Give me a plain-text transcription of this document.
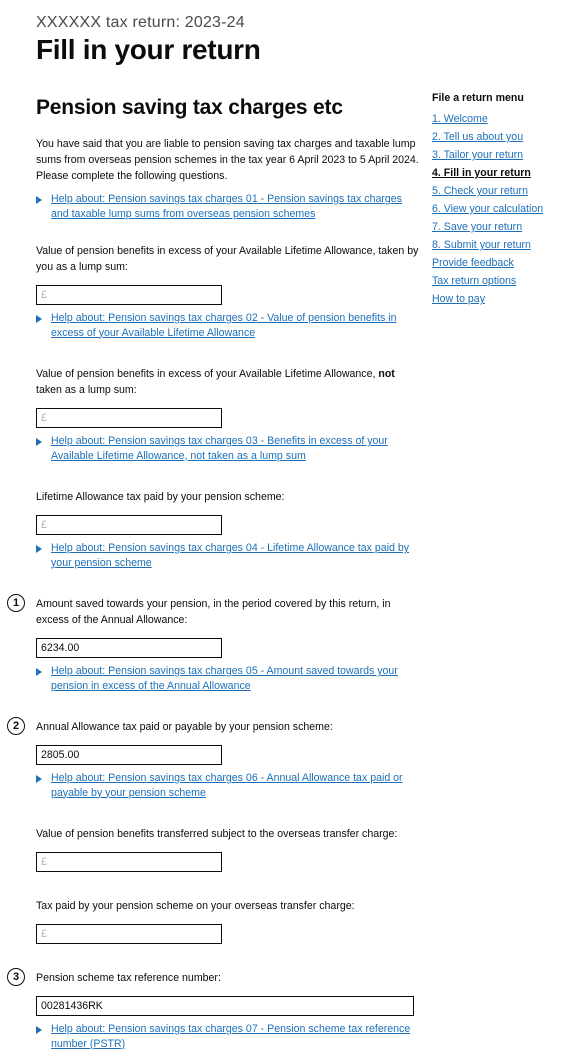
XXXXXX tax return: 2023-24
Fill in your return
Pension saving tax charges etc
You have said that you are liable to pension saving tax charges and taxable lump sums from overseas pension schemes in the tax year 6 April 2023 to 5 April 2024. Please complete the following questions.
Help about: Pension savings tax charges 01 - Pension savings tax charges and taxable lump sums from overseas pension schemes
Value of pension benefits in excess of your Available Lifetime Allowance, taken by you as a lump sum:
£
Help about: Pension savings tax charges 02 - Value of pension benefits in excess of your Available Lifetime Allowance
Value of pension benefits in excess of your Available Lifetime Allowance, not taken as a lump sum:
£
Help about: Pension savings tax charges 03 - Benefits in excess of your Available Lifetime Allowance, not taken as a lump sum
Lifetime Allowance tax paid by your pension scheme:
£
Help about: Pension savings tax charges 04 - Lifetime Allowance tax paid by your pension scheme
1	Amount saved towards your pension, in the period covered by this return, in excess of the Annual Allowance:
6234.00
Help about: Pension savings tax charges 05 - Amount saved towards your pension in excess of the Annual Allowance
2	Annual Allowance tax paid or payable by your pension scheme:
2805.00
Help about: Pension savings tax charges 06 - Annual Allowance tax paid or payable by your pension scheme
Value of pension benefits transferred subject to the overseas transfer charge:
£
Tax paid by your pension scheme on your overseas transfer charge:
£
3	Pension scheme tax reference number:
00281436RK
Help about: Pension savings tax charges 07 - Pension scheme tax reference number (PSTR)
File a return menu
1. Welcome
2. Tell us about you
3. Tailor your return
4. Fill in your return
5. Check your return
6. View your calculation
7. Save your return
8. Submit your return
Provide feedback
Tax return options
How to pay
